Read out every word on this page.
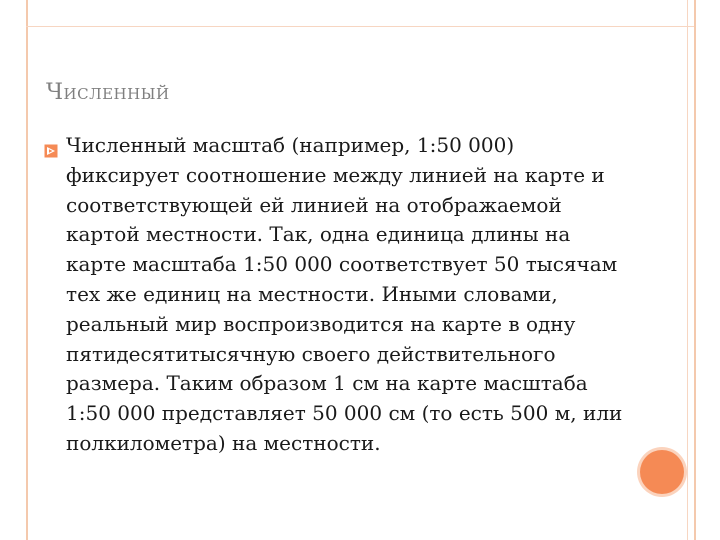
Численный
Численный масштаб (например, 1:50 000) фиксирует соотношение между линией на карте и соответствующей ей линией на отображаемой картой местности. Так, одна единица длины на карте масштаба 1:50 000 соответствует 50 тысячам тех же единиц на местности. Иными словами, реальный мир воспроизводится на карте в одну пятидесятитысячную своего действительного размера. Таким образом 1 см на карте масштаба 1:50 000 представляет 50 000 см (то есть 500 м, или полкилометра) на местности.
